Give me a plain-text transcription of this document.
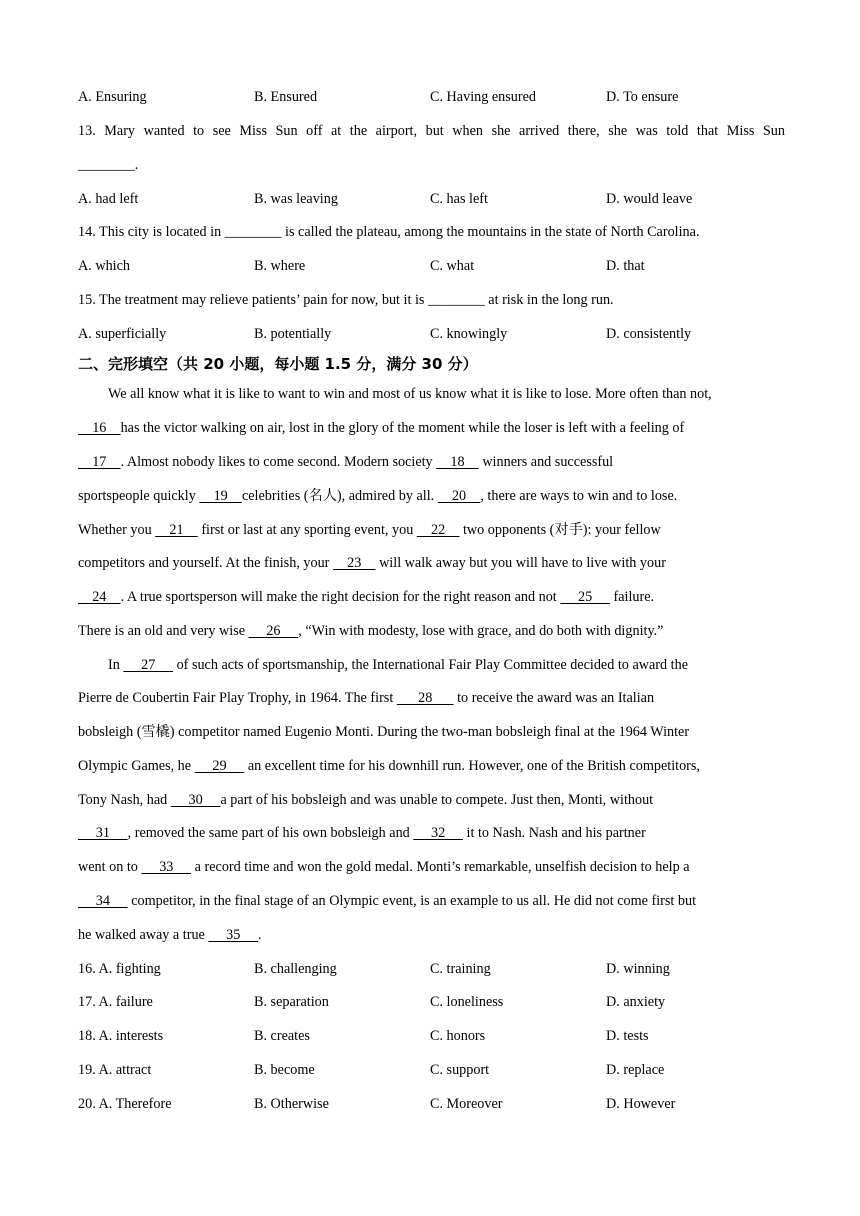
A. Ensuring	B. Ensured	C. Having ensured	D. To ensure
13. Mary wanted to see Miss Sun off at the airport, but when she arrived there, she was told that Miss Sun
________.
A. had left	B. was leaving	C. has left	D. would leave
14. This city is located in ________ is called the plateau, among the mountains in the state of North Carolina.
A. which	B. where	C. what	D. that
15. The treatment may relieve patients’ pain for now, but it is ________ at risk in the long run.
A. superficially	B. potentially	C. knowingly	D. consistently
二、完形填空（共 20 小题，每小题 1.5 分，满分 30 分）
We all know what it is like to want to win and most of us know what it is like to lose. More often than not,
16    has the victor walking on air, lost in the glory of the moment while the loser is left with a feeling of
17    . Almost nobody likes to come second. Modern society     18     winners and successful
sportspeople quickly     19    celebrities (名人), admired by all.     20    , there are ways to win and to lose.
Whether you     21     first or last at any sporting event, you     22     two opponents (对手): your fellow
competitors and yourself. At the finish, your     23     will walk away but you will have to live with your
24    . A true sportsperson will make the right decision for the right reason and not      25      failure.
There is an old and very wise      26     , “Win with modesty, lose with grace, and do both with dignity.”
In      27      of such acts of sportsmanship, the International Fair Play Committee decided to award the
Pierre de Coubertin Fair Play Trophy, in 1964. The first       28       to receive the award was an Italian
bobsleigh (雪橇) competitor named Eugenio Monti. During the two-man bobsleigh final at the 1964 Winter
Olympic Games, he      29      an excellent time for his downhill run. However, one of the British competitors,
Tony Nash, had      30     a part of his bobsleigh and was unable to compete. Just then, Monti, without
31     , removed the same part of his own bobsleigh and      32      it to Nash. Nash and his partner
went on to      33      a record time and won the gold medal. Monti’s remarkable, unselfish decision to help a
34      competitor, in the final stage of an Olympic event, is an example to us all. He did not come first but
he walked away a true      35     .
16. A. fighting	B. challenging	C. training	D. winning
17. A. failure	B. separation	C. loneliness	D. anxiety
18. A. interests	B. creates	C. honors	D. tests
19. A. attract	B. become	C. support	D. replace
20. A. Therefore	B. Otherwise	C. Moreover	D. However
